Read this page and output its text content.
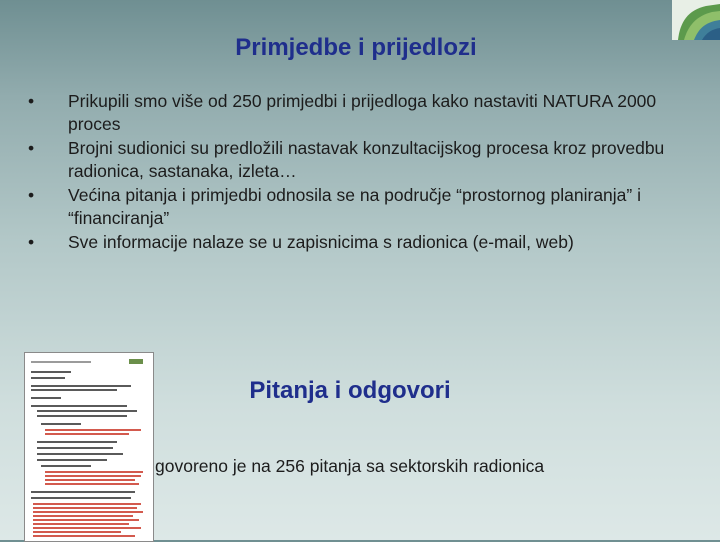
Primjedbe i prijedlozi
• Prikupili smo više od 250 primjedbi i prijedloga kako nastaviti NATURA 2000 proces
• Brojni sudionici su predložili nastavak konzultacijskog procesa kroz provedbu radionica, sastanaka, izleta…
• Većina pitanja i primjedbi odnosila se na područje “prostornog planiranja” i “financiranja”
• Sve informacije nalaze se u zapisnicima s radionica (e-mail, web)
Pitanja i odgovori
govoreno je na 256 pitanja sa sektorskih radionica
